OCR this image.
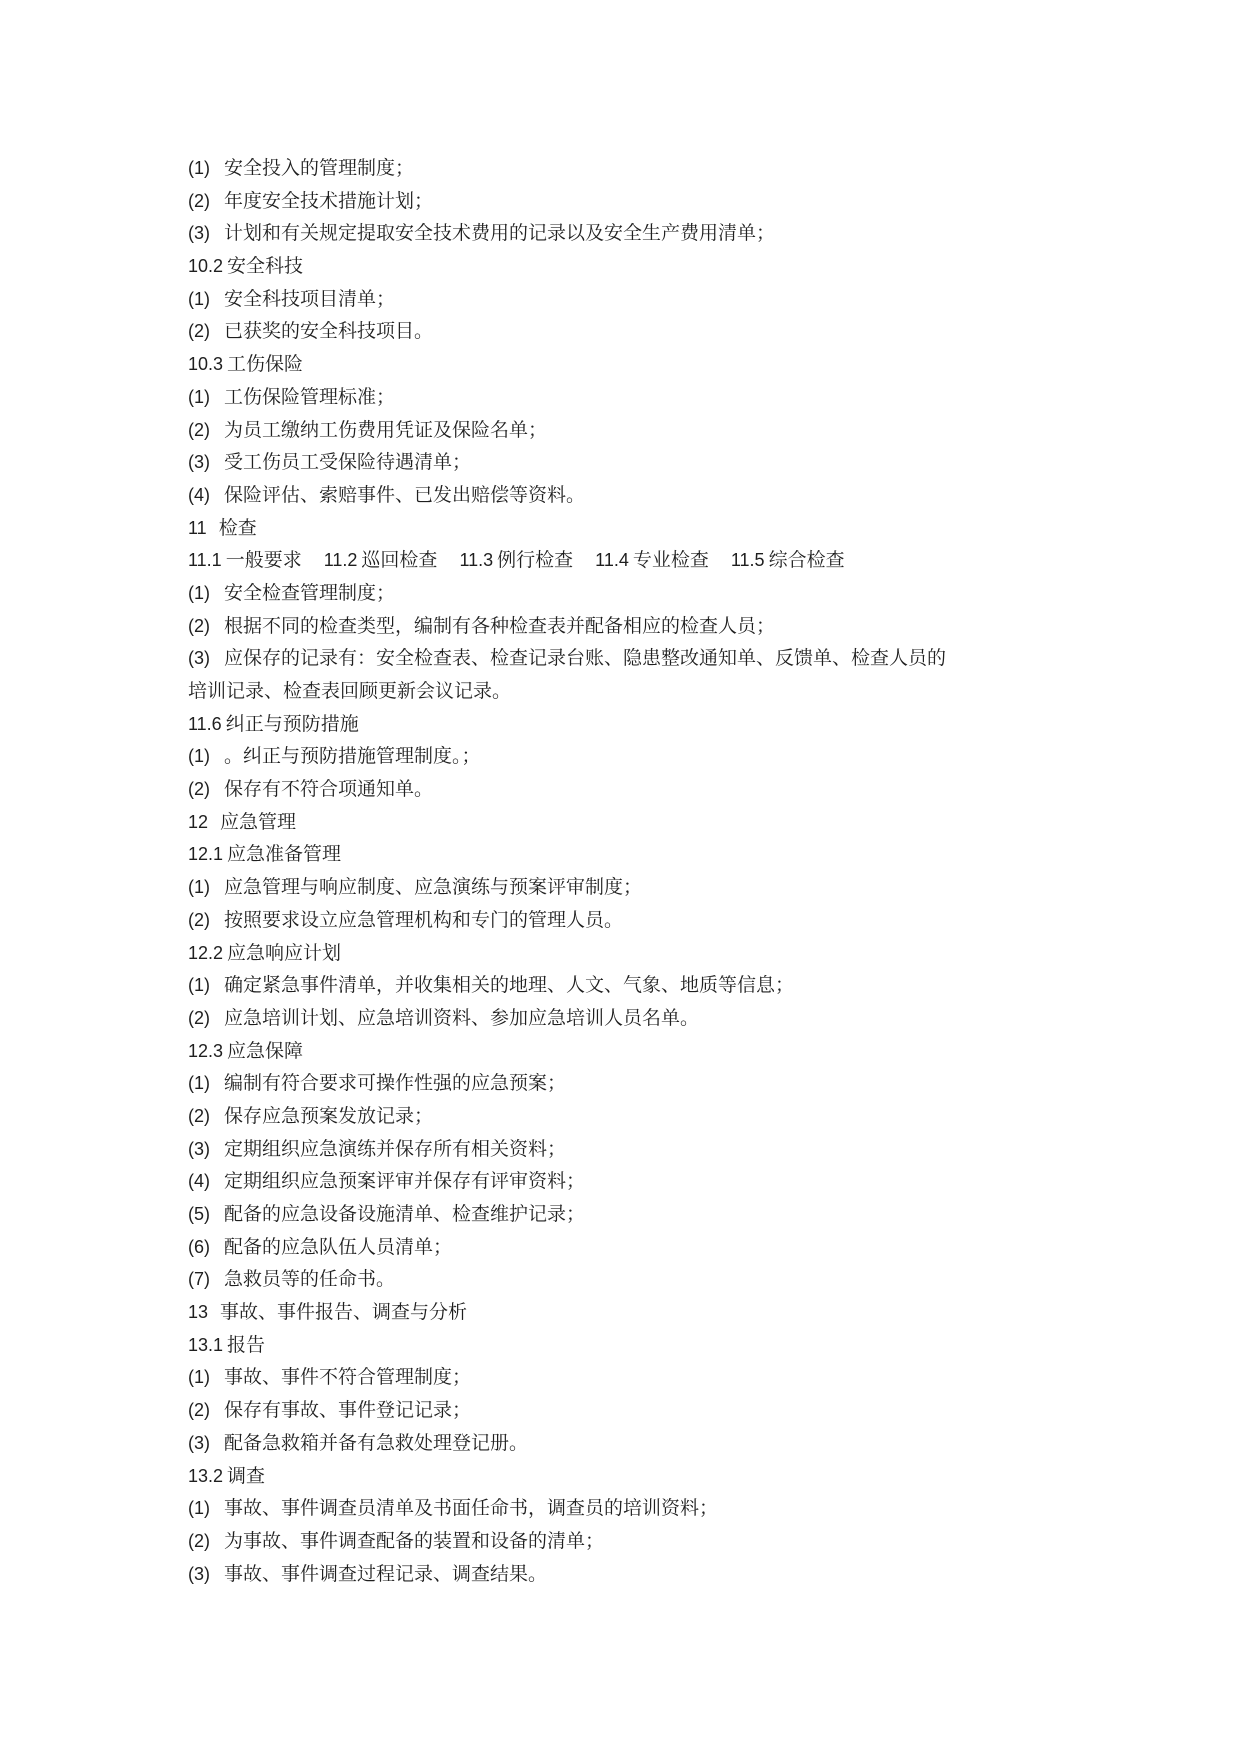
(1) 安全投入的管理制度；
(2) 年度安全技术措施计划；
(3) 计划和有关规定提取安全技术费用的记录以及安全生产费用清单；
10.2 安全科技
(1) 安全科技项目清单；
(2) 已获奖的安全科技项目。
10.3 工伤保险
(1) 工伤保险管理标准；
(2) 为员工缴纳工伤费用凭证及保险名单；
(3) 受工伤员工受保险待遇清单；
(4) 保险评估、索赔事件、已发出赔偿等资料。
11 检查
11.1 一般要求 11.2 巡回检查 11.3 例行检查 11.4 专业检查 11.5 综合检查
(1) 安全检查管理制度；
(2) 根据不同的检查类型，编制有各种检查表并配备相应的检查人员；
(3) 应保存的记录有：安全检查表、检查记录台账、隐患整改通知单、反馈单、检查人员的
培训记录、检查表回顾更新会议记录。
11.6 纠正与预防措施
(1) 。纠正与预防措施管理制度。；
(2) 保存有不符合项通知单。
12 应急管理
12.1 应急准备管理
(1) 应急管理与响应制度、应急演练与预案评审制度；
(2) 按照要求设立应急管理机构和专门的管理人员。
12.2 应急响应计划
(1) 确定紧急事件清单，并收集相关的地理、人文、气象、地质等信息；
(2) 应急培训计划、应急培训资料、参加应急培训人员名单。
12.3 应急保障
(1) 编制有符合要求可操作性强的应急预案；
(2) 保存应急预案发放记录；
(3) 定期组织应急演练并保存所有相关资料；
(4) 定期组织应急预案评审并保存有评审资料；
(5) 配备的应急设备设施清单、检查维护记录；
(6) 配备的应急队伍人员清单；
(7) 急救员等的任命书。
13 事故、事件报告、调查与分析
13.1 报告
(1) 事故、事件不符合管理制度；
(2) 保存有事故、事件登记记录；
(3) 配备急救箱并备有急救处理登记册。
13.2 调查
(1) 事故、事件调查员清单及书面任命书，调查员的培训资料；
(2) 为事故、事件调查配备的装置和设备的清单；
(3) 事故、事件调查过程记录、调查结果。
